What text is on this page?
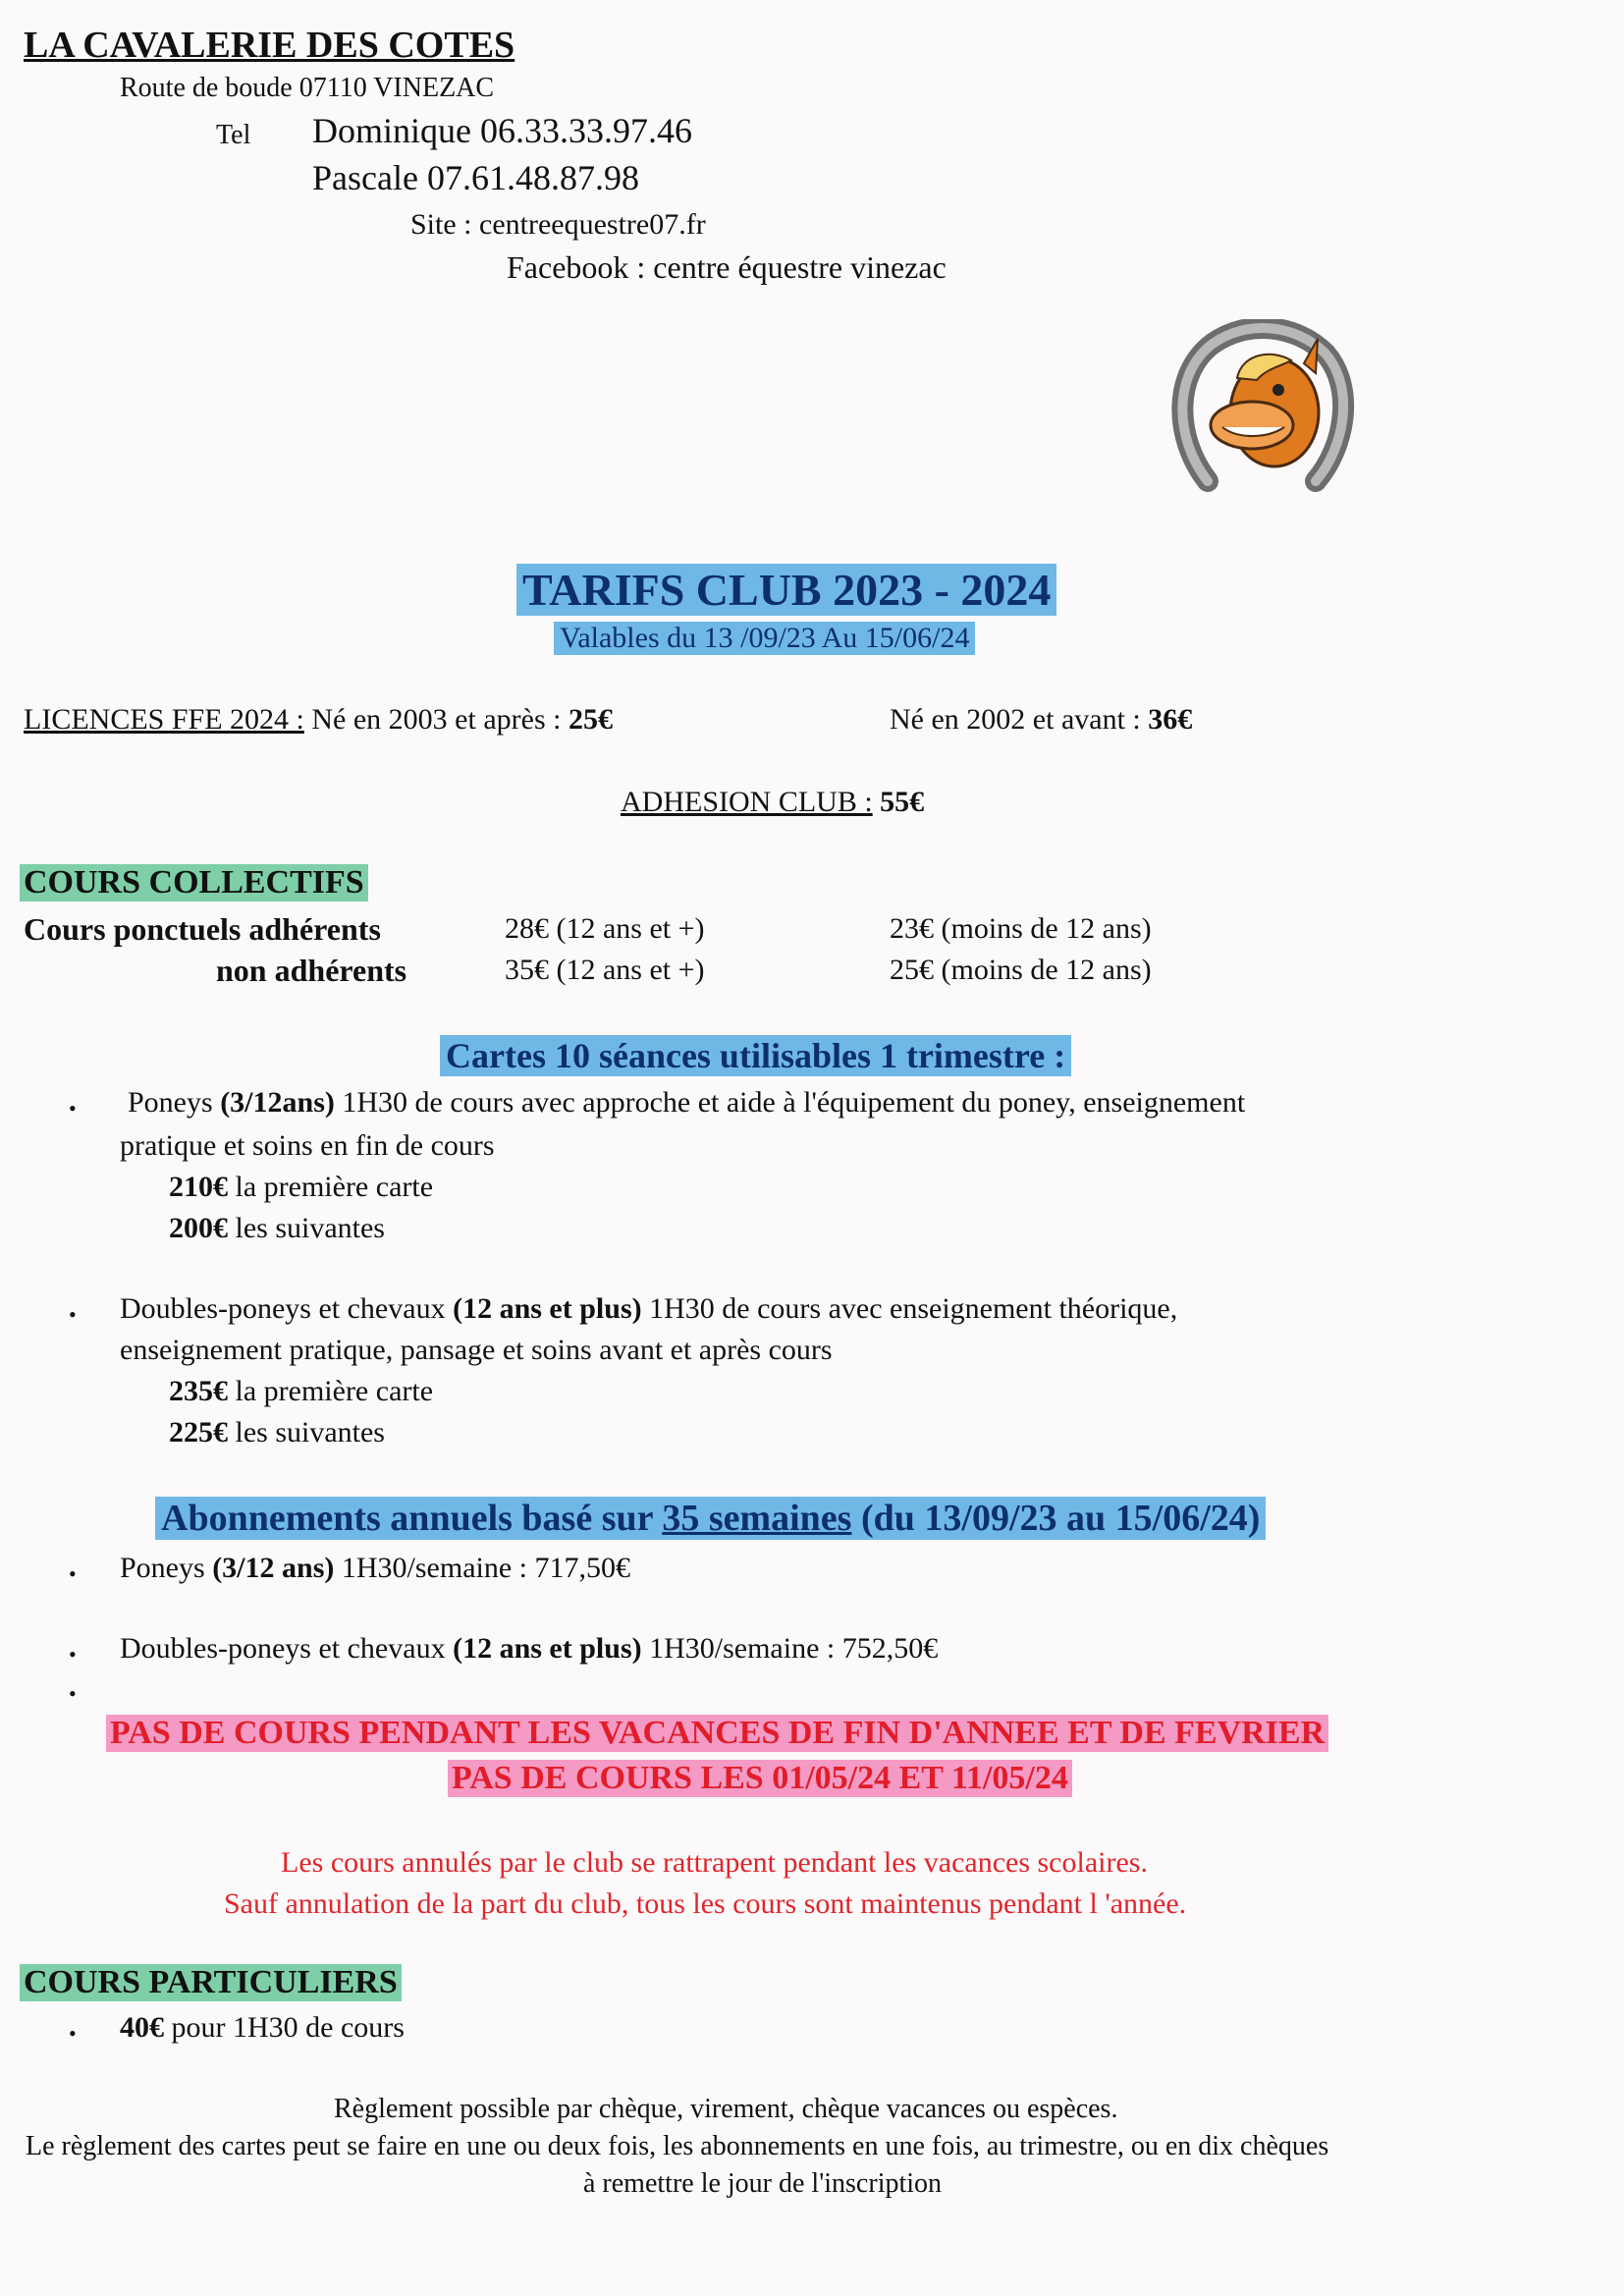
LA CAVALERIE DES COTES
Route de boude 07110 VINEZAC
Tel Dominique 06.33.33.97.46
Pascale 07.61.48.87.98
Site : centreequestre07.fr
Facebook : centre équestre vinezac
TARIFS CLUB 2023 - 2024
Valables du 13 /09/23 Au 15/06/24
LICENCES FFE 2024 : Né en 2003 et après : 25€	Né en 2002 et avant : 36€
ADHESION CLUB : 55€
COURS COLLECTIFS
Cours ponctuels adhérents	28€ (12 ans et +)	23€ (moins de 12 ans)
non adhérents	35€ (12 ans et +)	25€ (moins de 12 ans)
Cartes 10 séances utilisables 1 trimestre :
• Poneys (3/12ans) 1H30 de cours avec approche et aide à l'équipement du poney, enseignement
pratique et soins en fin de cours
210€ la première carte
200€ les suivantes
• Doubles-poneys et chevaux (12 ans et plus) 1H30 de cours avec enseignement théorique,
enseignement pratique, pansage et soins avant et après cours
235€ la première carte
225€ les suivantes
Abonnements annuels basé sur 35 semaines (du 13/09/23 au 15/06/24)
• Poneys (3/12 ans) 1H30/semaine : 717,50€
• Doubles-poneys et chevaux (12 ans et plus) 1H30/semaine : 752,50€
•
PAS DE COURS PENDANT LES VACANCES DE FIN D'ANNEE ET DE FEVRIER
PAS DE COURS LES 01/05/24 ET 11/05/24
Les cours annulés par le club se rattrapent pendant les vacances scolaires.
Sauf annulation de la part du club, tous les cours sont maintenus pendant l 'année.
COURS PARTICULIERS
• 40€ pour 1H30 de cours
Règlement possible par chèque, virement, chèque vacances ou espèces.
Le règlement des cartes peut se faire en une ou deux fois, les abonnements en une fois, au trimestre, ou en dix chèques
à remettre le jour de l'inscription
